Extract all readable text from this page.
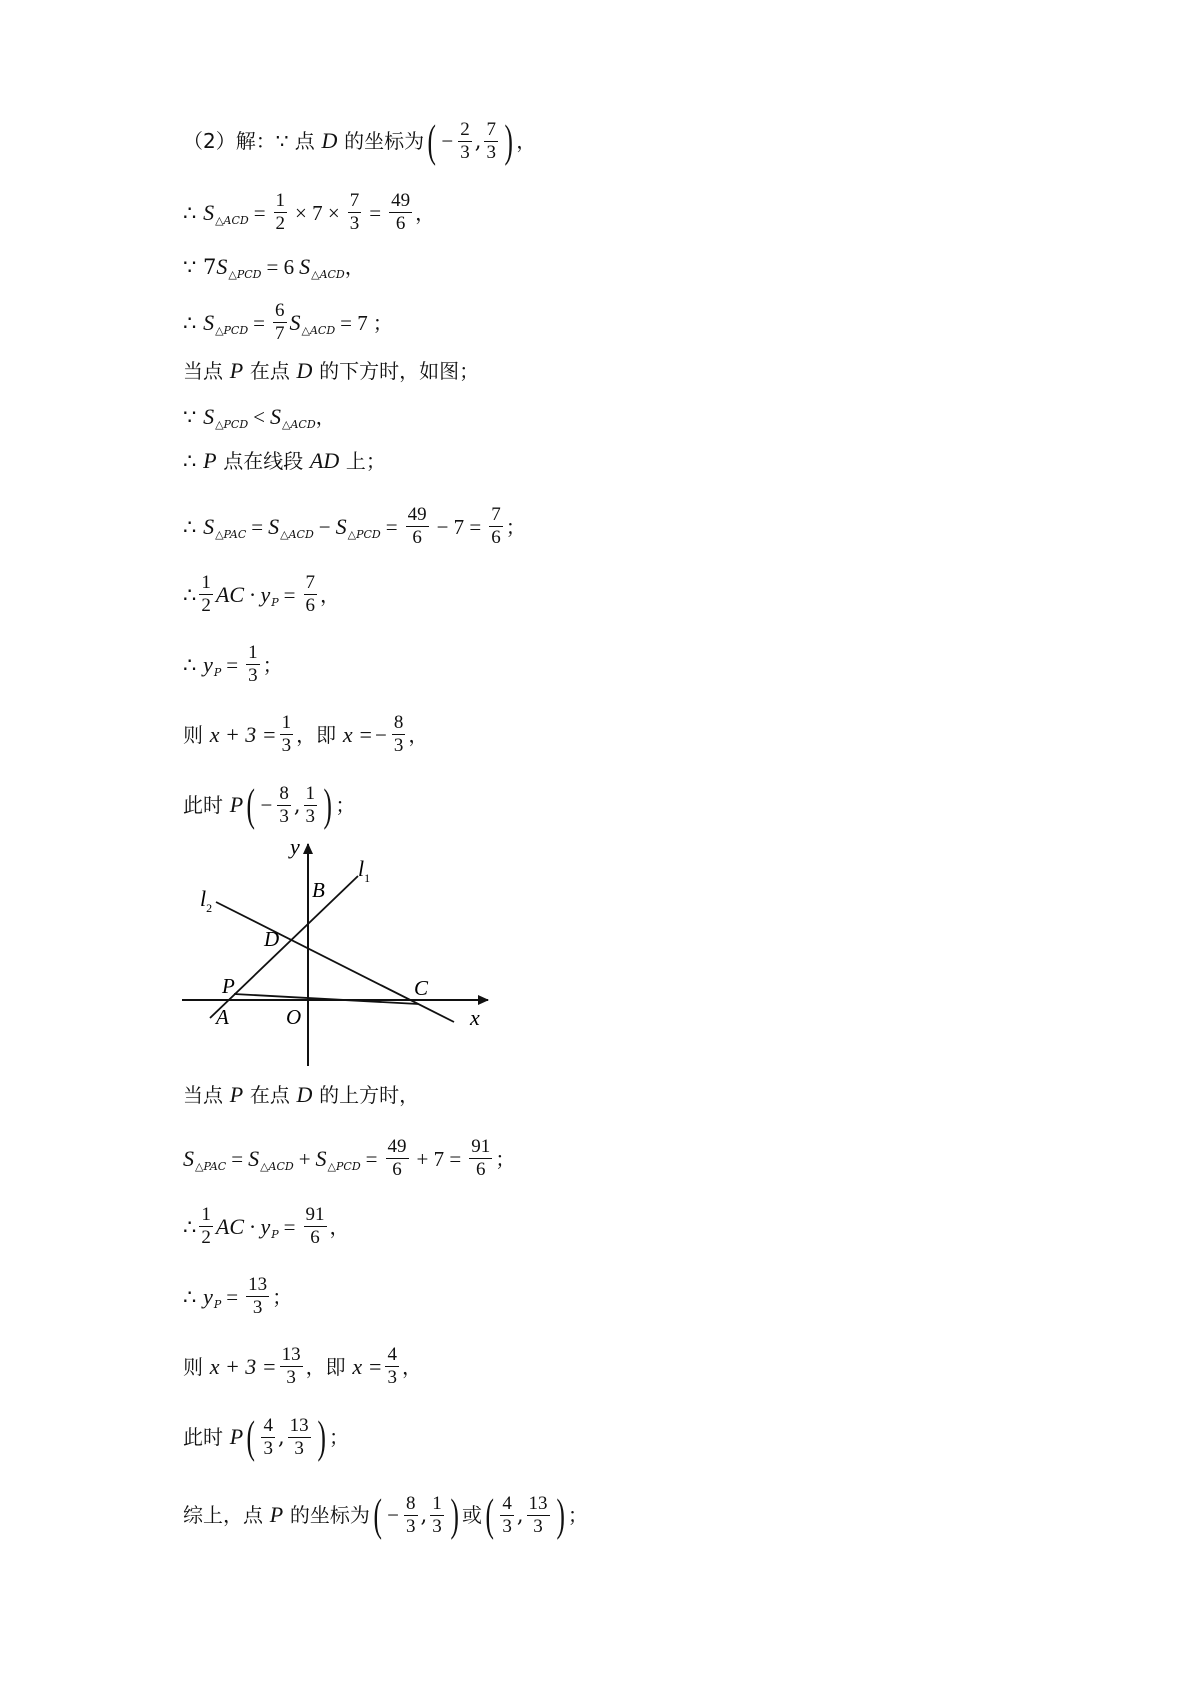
（2）解：∵ 点
D
的坐标为 ( − $\frac{2}{3}$ , $\frac{7}{3}$ ) ，
∴
S △ACD = $\frac{1}{2} \times 7 \times \frac{7}{3} = \frac{49}{6}$ ，
∵ 7 S △PCD = 6 S △ACD ，
∴
S △PCD = $\frac{6}{7}$ S △ACD = 7 ；
当点
P
在点
D
的下方时，如图；
∵
S △PCD < S △ACD ，
∴
P
点在线段
AD
上；
∴
S △PAC = S △ACD − S △PCD = $\frac{49}{6} - 7 = \frac{7}{6}$ ；
∴ $\frac{1}{2}$ AC · y $P = \frac{7}{6}$ ，
∴
y $P = \frac{1}{3}$ ；
则
$x + 3 = \frac{1}{3}$ ，即
x = − $\frac{8}{3}$ ，
此时
P ( − $\frac{8}{3}$ , $\frac{1}{3}$ ) ；
y
x
$l_1$
$l_2$
B
D
P	C
A	O
当点
P
在点
D
的上方时，
S △PAC = S △ACD + S △PCD = $\frac{49}{6} + 7 = \frac{91}{6}$ ；
∴ $\frac{1}{2}$ AC · y $P = \frac{91}{6}$ ，
∴
y $P = \frac{13}{3}$ ；
则
$x + 3 = \frac{13}{3}$ ，即
$x = \frac{4}{3}$ ，
此时
P ( $\frac{4}{3}$ , $\frac{13}{3}$ ) ；
综上，点
P
的坐标为 ( − $\frac{8}{3}$ , $\frac{1}{3}$ ) 或 ( $\frac{4}{3}$ , $\frac{13}{3}$ ) ；
